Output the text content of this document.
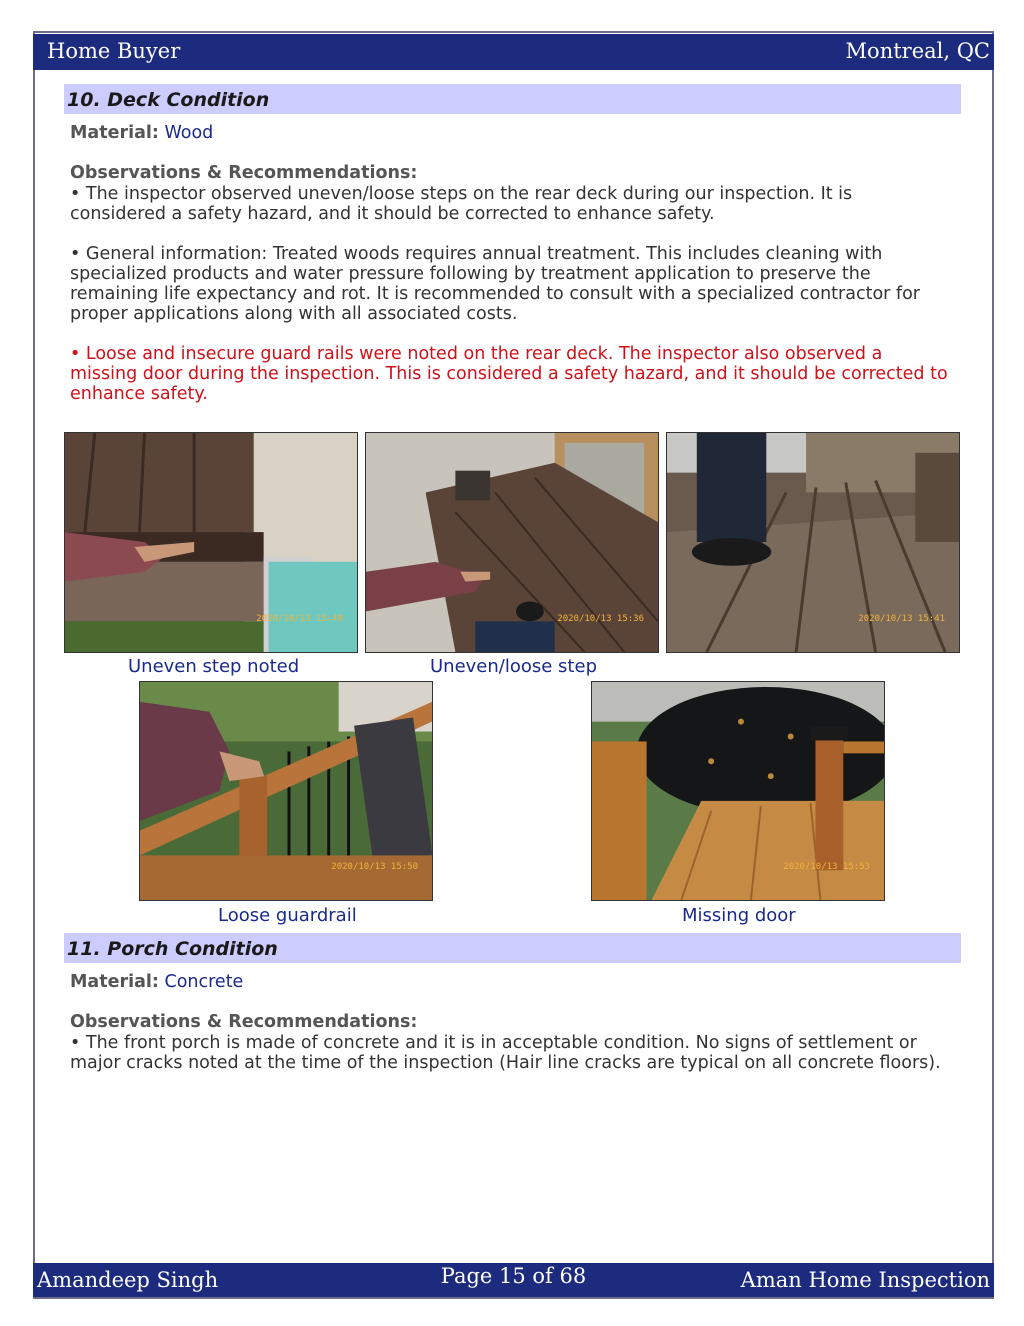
Home Buyer	Montreal, QC
10. Deck Condition
Material: Wood
Observations & Recommendations:
• The inspector observed uneven/loose steps on the rear deck during our inspection. It is considered a safety hazard, and it should be corrected to enhance safety.
• General information: Treated woods requires annual treatment. This includes cleaning with specialized products and water pressure following by treatment application to preserve the remaining life expectancy and rot. It is recommended to consult with a specialized contractor for proper applications along with all associated costs.
• Loose and insecure guard rails were noted on the rear deck. The inspector also observed a missing door during the inspection. This is considered a safety hazard, and it should be corrected to enhance safety.
2020/10/13 15:40	2020/10/13 15:36	2020/10/13 15:41
Uneven step noted	Uneven/loose step
2020/10/13 15:50	2020/10/13 15:53
Loose guardrail	Missing door
11. Porch Condition
Material: Concrete
Observations & Recommendations:
• The front porch is made of concrete and it is in acceptable condition. No signs of settlement or major cracks noted at the time of the inspection (Hair line cracks are typical on all concrete floors).
Amandeep Singh	Page 15 of 68	Aman Home Inspection
